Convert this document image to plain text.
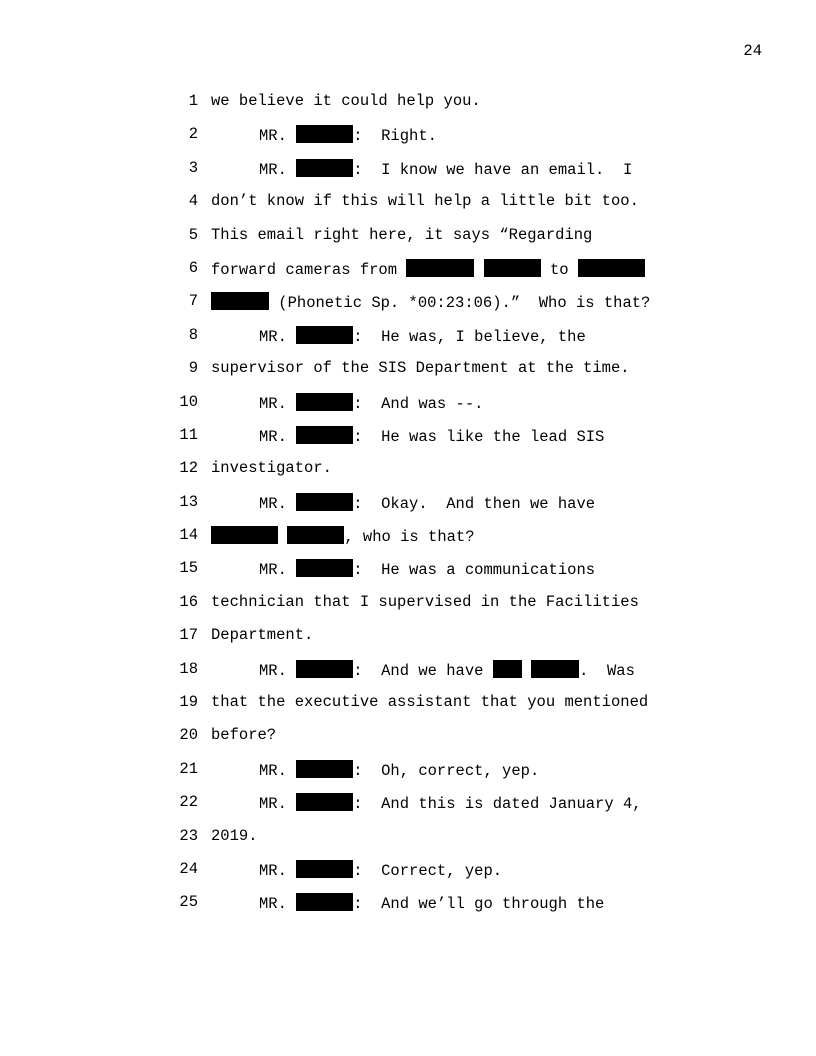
24

1

we believe it could help you.

2

	MR.	:  Right.

3

	MR.	:  I know we have an email.  I

4

don’t know if this will help a little bit too.

5

This email right here, it says “Regarding

6

forward cameras from	to

7

	(Phonetic Sp. *00:23:06).”  Who is that?

8

	MR.	:  He was, I believe, the

9

supervisor of the SIS Department at the time.

10

	MR.	:  And was --.

11

	MR.	:  He was like the lead SIS

12

investigator.

13

	MR.	:  Okay.  And then we have

14

	, who is that?

15

	MR.	:  He was a communications

16

technician that I supervised in the Facilities

17

Department.

18

	MR.	:  And we have	.  Was

19

that the executive assistant that you mentioned

20

before?

21

	MR.	:  Oh, correct, yep.

22

	MR.	:  And this is dated January 4,

23

2019.

24

	MR.	:  Correct, yep.

25

	MR.	:  And we’ll go through the
